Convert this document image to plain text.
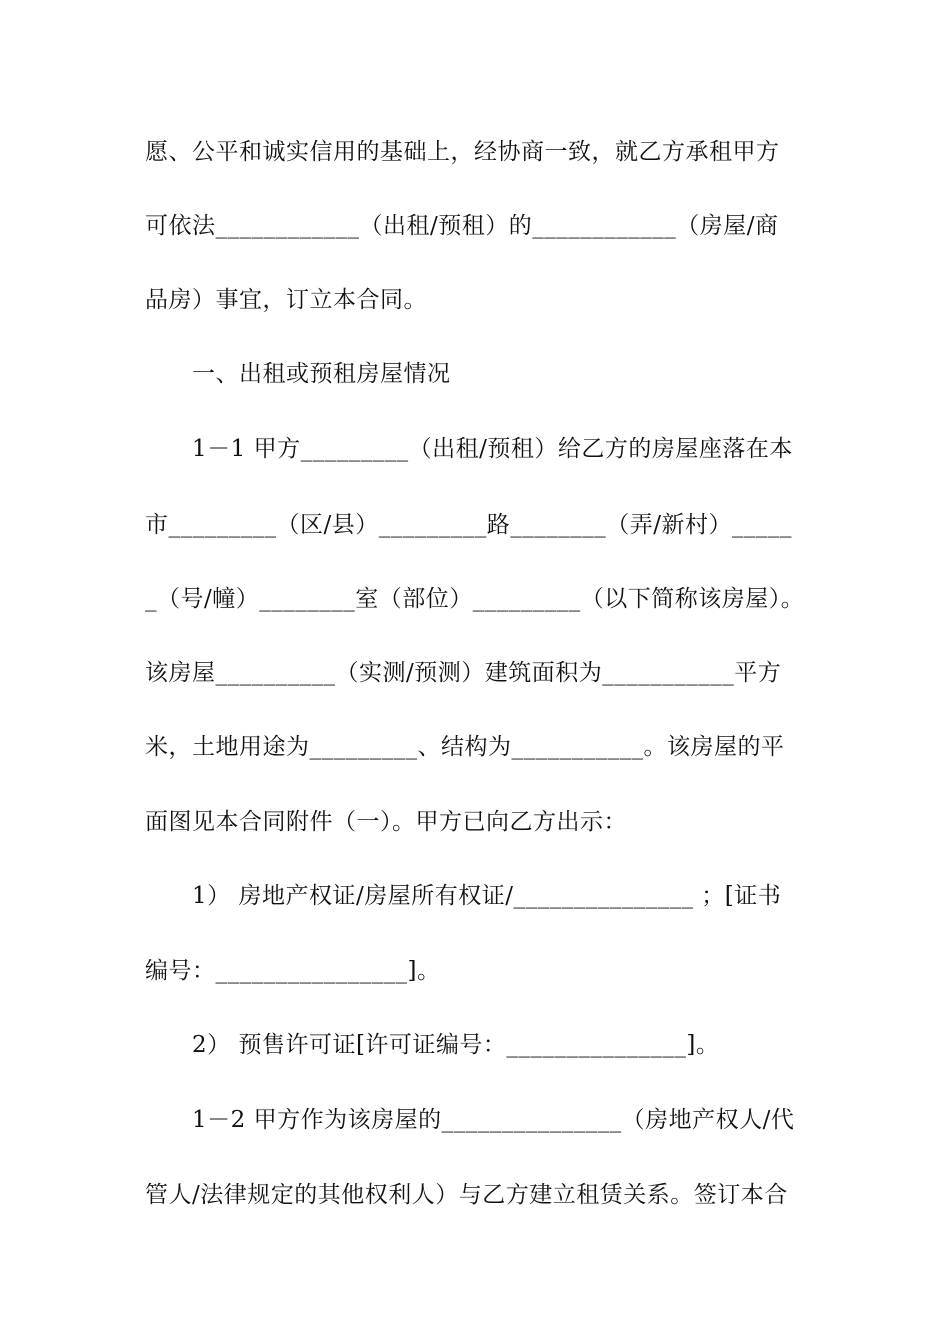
愿、公平和诚实信用的基础上，经协商一致，就乙方承租甲方
可依法____________（出租/预租）的____________（房屋/商
品房）事宜，订立本合同。
一、出租或预租房屋情况
1－1 甲方_________（出租/预租）给乙方的房屋座落在本
市_________（区/县）_________路________（弄/新村）_____
_（号/幢）________室（部位）_________（以下简称该房屋）。
该房屋__________（实测/预测）建筑面积为___________平方
米，土地用途为_________、结构为___________。该房屋的平
面图见本合同附件（一）。甲方已向乙方出示：
1） 房地产权证/房屋所有权证/_______________ ；[证书
编号：________________]。
2） 预售许可证[许可证编号：_______________]。
1－2 甲方作为该房屋的_______________（房地产权人/代
管人/法律规定的其他权利人）与乙方建立租赁关系。签订本合
